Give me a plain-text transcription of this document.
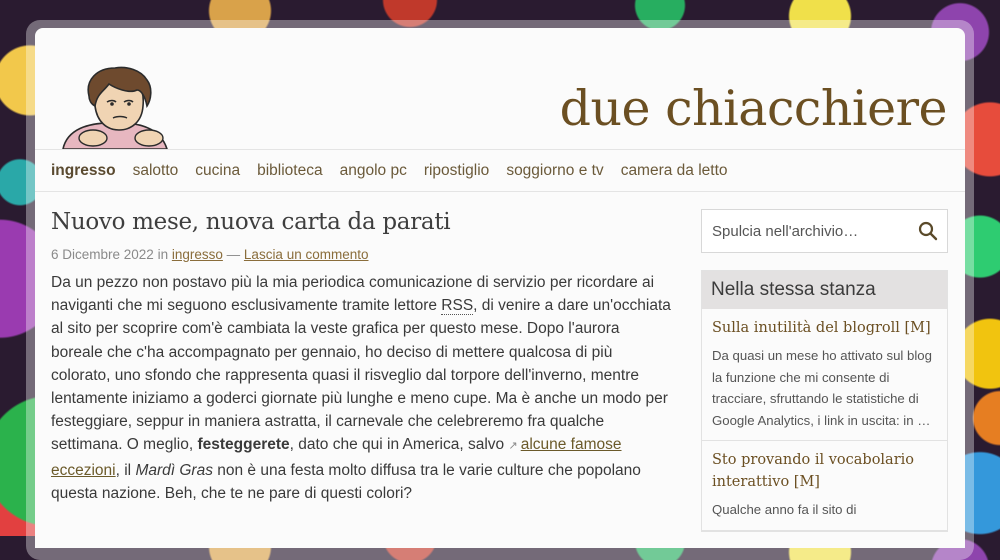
due chiacchiere
ingresso salotto cucina biblioteca angolo pc ripostiglio soggiorno e tv camera da letto
Nuovo mese, nuova carta da parati
6 Dicembre 2022 in ingresso — Lascia un commento
Da un pezzo non postavo più la mia periodica comunicazione di servizio per ricordare ai naviganti che mi seguono esclusivamente tramite lettore RSS, di venire a dare un'occhiata al sito per scoprire com'è cambiata la veste grafica per questo mese. Dopo l'aurora boreale che c'ha accompagnato per gennaio, ho deciso di mettere qualcosa di più colorato, uno sfondo che rappresenta quasi il risveglio dal torpore dell'inverno, mentre lentamente iniziamo a goderci giornate più lunghe e meno cupe. Ma è anche un modo per festeggiare, seppur in maniera astratta, il carnevale che celebreremo fra qualche settimana. O meglio, festeggerete, dato che qui in America, salvo ↗ alcune famose eccezioni, il Mardì Gras non è una festa molto diffusa tra le varie culture che popolano questa nazione. Beh, che te ne pare di questi colori?
Spulcia nell'archivio…
Nella stessa stanza
Sulla inutilità del blogroll [M]
Da quasi un mese ho attivato sul blog la funzione che mi consente di tracciare, sfruttando le statistiche di Google Analytics, i link in uscita: in …
Sto provando il vocabolario interattivo [M]
Qualche anno fa il sito di
